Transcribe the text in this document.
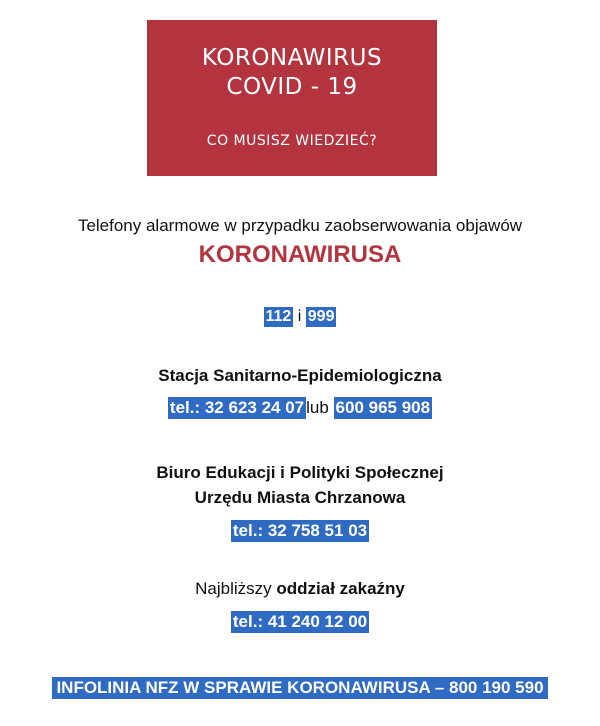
KORONAWIRUS
COVID - 19
CO MUSISZ WIEDZIEĆ?
Telefony alarmowe w przypadku zaobserwowania objawów
KORONAWIRUSA
112 i 999
Stacja Sanitarno-Epidemiologiczna
tel.: 32 623 24 07 lub 600 965 908
Biuro Edukacji i Polityki Społecznej
Urzędu Miasta Chrzanowa
tel.: 32 758 51 03
Najbliższy oddział zakaźny
tel.: 41 240 12 00
INFOLINIA NFZ W SPRAWIE KORONAWIRUSA – 800 190 590
